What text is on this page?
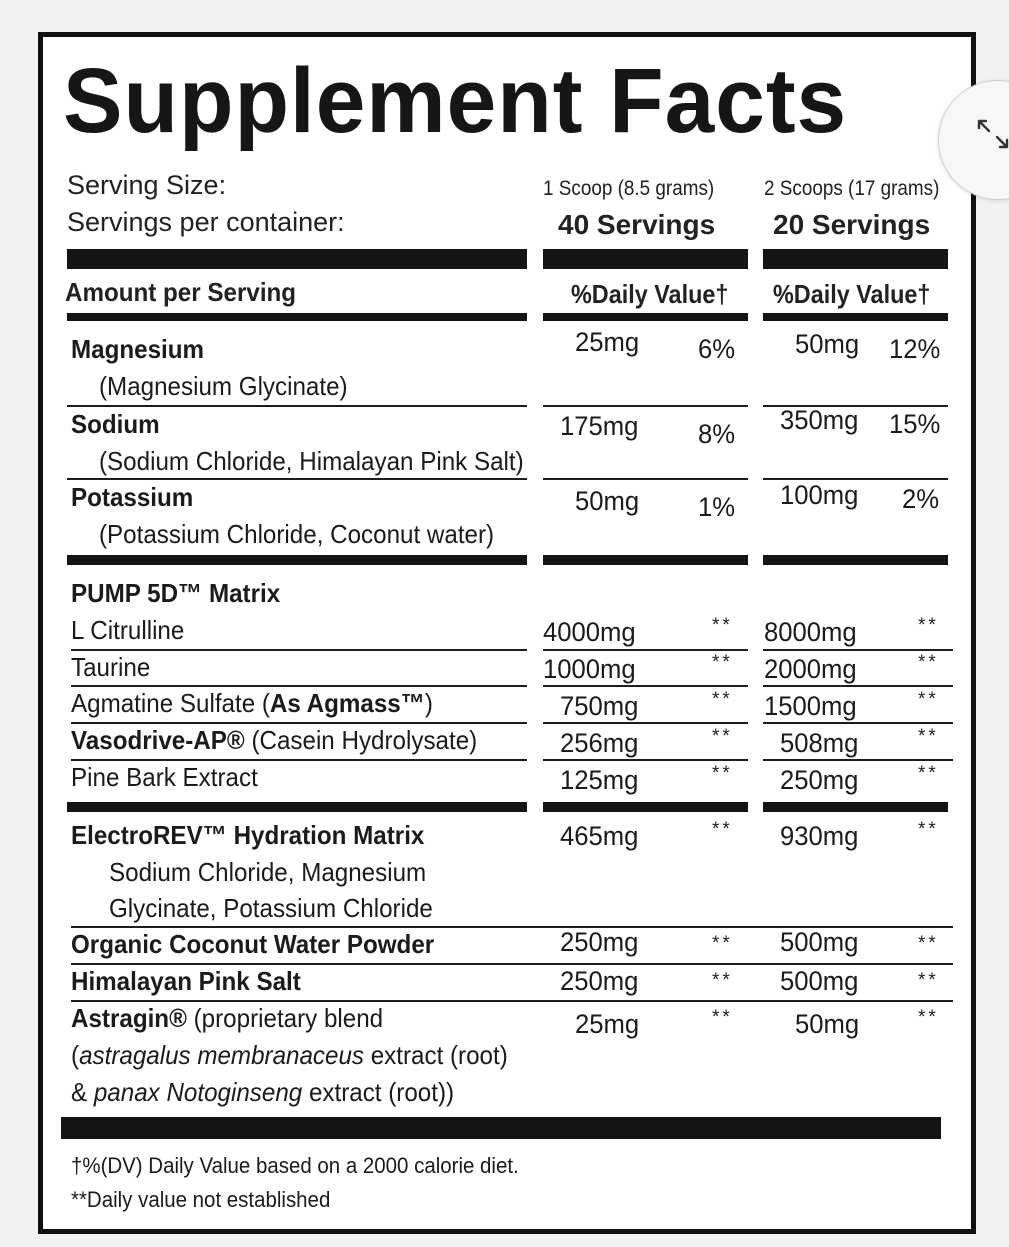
Supplement Facts
Serving Size:
Servings per container:
1 Scoop (8.5 grams) 2 Scoops (17 grams)
40 Servings 20 Servings
Amount per Serving	%Daily Value† %Daily Value†
Magnesium
(Magnesium Glycinate)
25mg 6% 50mg 12%
Sodium
(Sodium Chloride, Himalayan Pink Salt)
175mg 8% 350mg 15%
Potassium
(Potassium Chloride, Coconut water)
50mg 1% 100mg 2%
PUMP 5D™ Matrix
L Citrulline	4000mg	** 8000mg	**
Taurine	1000mg	** 2000mg	**
Agmatine Sulfate (As Agmass™)	750mg	** 1500mg	**
Vasodrive-AP® (Casein Hydrolysate)	256mg	** 508mg	**
Pine Bark Extract	125mg	** 250mg	**
ElectroREV™ Hydration Matrix
Sodium Chloride, Magnesium
Glycinate, Potassium Chloride
465mg	** 930mg	**
Organic Coconut Water Powder	250mg	** 500mg	**
Himalayan Pink Salt	250mg	** 500mg	**
Astragin® (proprietary blend
(astragalus membranaceus extract (root)
& panax Notoginseng extract (root))
25mg	** 50mg	**
†%(DV) Daily Value based on a 2000 calorie diet.
**Daily value not established
